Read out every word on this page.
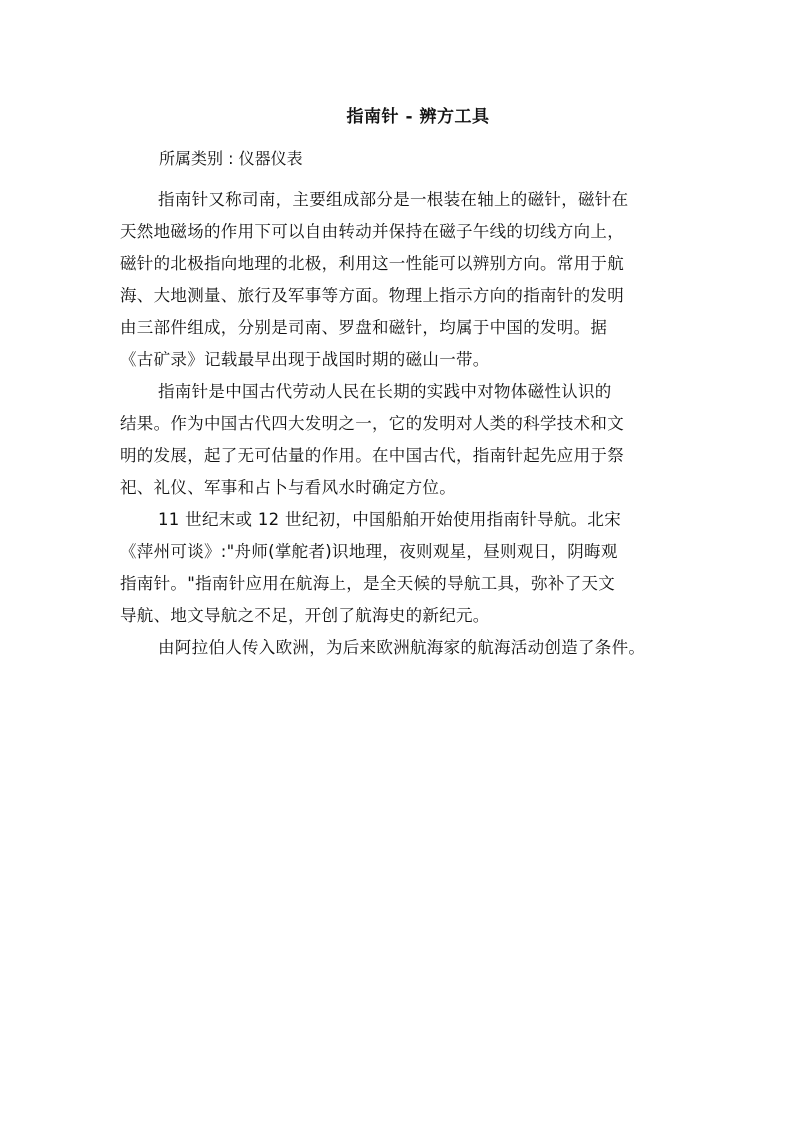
指南针 - 辨方工具
所属类别 : 仪器仪表
指南针又称司南，主要组成部分是一根装在轴上的磁针，磁针在
天然地磁场的作用下可以自由转动并保持在磁子午线的切线方向上，
磁针的北极指向地理的北极，利用这一性能可以辨别方向。常用于航
海、大地测量、旅行及军事等方面。物理上指示方向的指南针的发明
由三部件组成，分别是司南、罗盘和磁针，均属于中国的发明。据
《古矿录》记载最早出现于战国时期的磁山一带。
指南针是中国古代劳动人民在长期的实践中对物体磁性认识的
结果。作为中国古代四大发明之一，它的发明对人类的科学技术和文
明的发展，起了无可估量的作用。在中国古代，指南针起先应用于祭
祀、礼仪、军事和占卜与看风水时确定方位。
11 世纪末或 12 世纪初，中国船舶开始使用指南针导航。北宋
《萍州可谈》:"舟师(掌舵者)识地理，夜则观星，昼则观日，阴晦观
指南针。"指南针应用在航海上，是全天候的导航工具，弥补了天文
导航、地文导航之不足，开创了航海史的新纪元。
由阿拉伯人传入欧洲，为后来欧洲航海家的航海活动创造了条件。
